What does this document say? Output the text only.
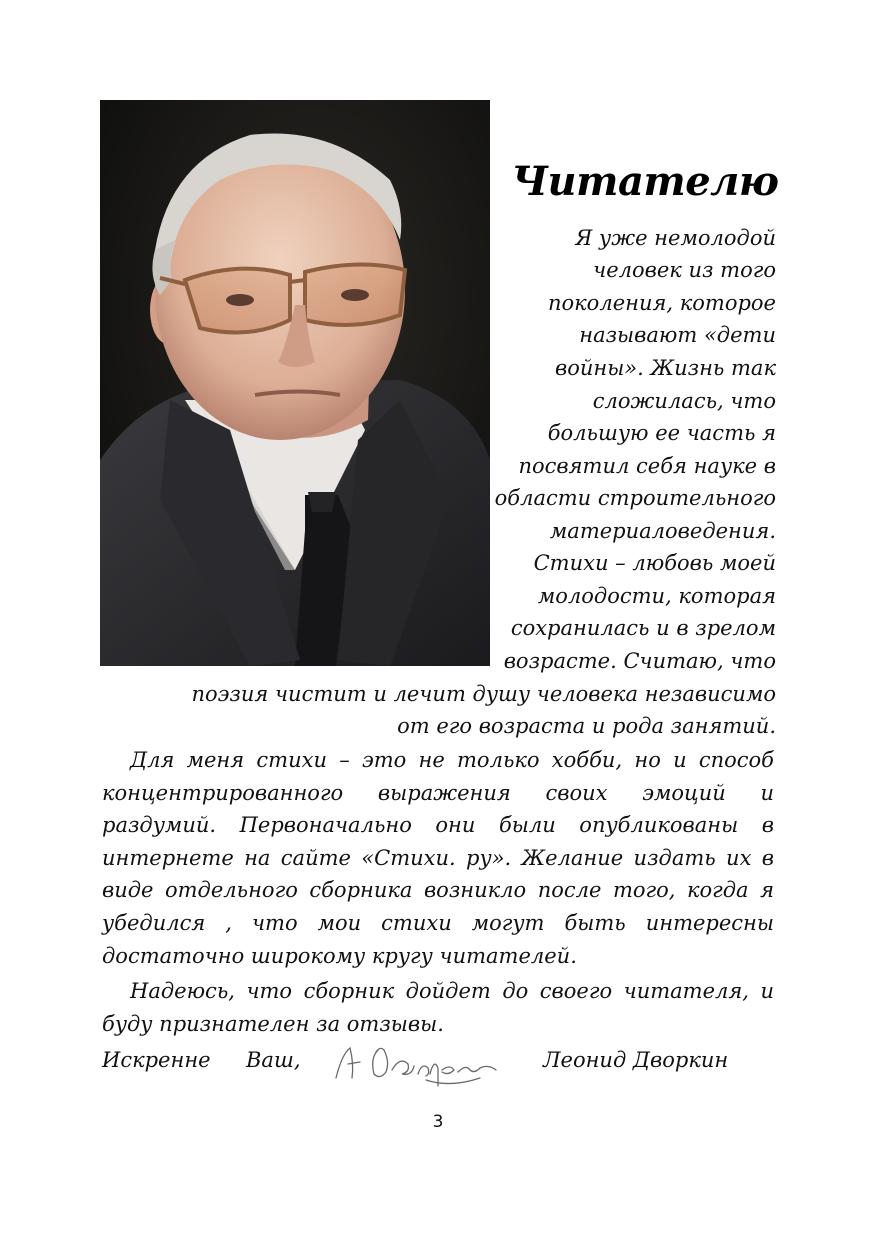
Читателю
Я уже немолодой
человек из того
поколения, которое
называют «дети
войны». Жизнь так
сложилась, что
большую ее часть я
посвятил себя науке в
области строительного
материаловедения.
Стихи – любовь моей
молодости, которая
сохранилась и в зрелом
возрасте. Считаю, что
поэзия чистит и лечит душу человека независимо
от его возраста и рода занятий.
Для меня стихи – это не только хобби, но и способ концентрированного выражения своих эмоций и раздумий. Первоначально они были опубликованы в интернете на сайте «Стихи. ру». Желание издать их в виде отдельного сборника возникло после того, когда я убедился , что мои стихи могут быть интересны достаточно широкому кругу читателей.
Надеюсь, что сборник дойдет до своего читателя, и буду признателен за отзывы.
Искренне Ваш,	Леонид Дворкин
3
